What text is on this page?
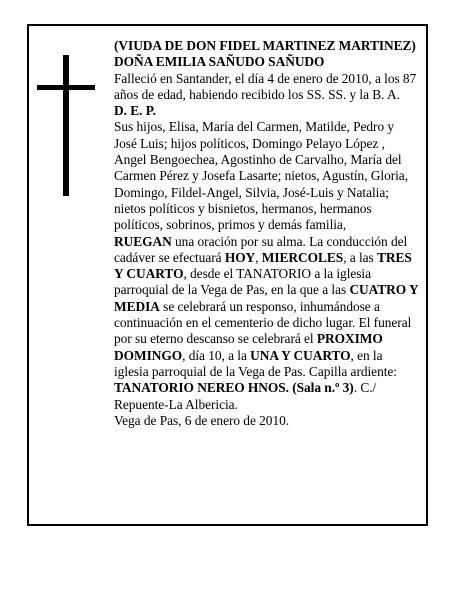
(VIUDA DE DON FIDEL MARTINEZ MARTINEZ)

DOÑA EMILIA SAÑUDO SAÑUDO

Falleció en Santander, el día 4 de enero de 2010, a los 87 años de edad, habiendo recibido los SS. SS. y la B. A.

D. E. P.

Sus hijos, Elisa, María del Carmen, Matilde, Pedro y José Luis; hijos políticos, Domingo Pelayo López , Angel Bengoechea, Agostinho de Carvalho, María del Carmen Pérez y Josefa Lasarte; nietos, Agustín, Gloria, Domingo, Fildel-Angel, Silvia, José-Luis y Natalia; nietos políticos y bisnietos, hermanos, hermanos políticos, sobrinos, primos y demás familia,

RUEGAN una oración por su alma. La conducción del cadáver se efectuará HOY, MIERCOLES, a las TRES Y CUARTO, desde el TANATORIO a la iglesia parroquial de la Vega de Pas, en la que a las CUATRO Y MEDIA se celebrará un responso, inhumándose a continuación en el cementerio de dicho lugar. El funeral por su eterno descanso se celebrará el PROXIMO DOMINGO, día 10, a la UNA Y CUARTO, en la iglesia parroquial de la Vega de Pas. Capilla ardiente: TANATORIO NEREO HNOS. (Sala n.º 3). C./ Repuente-La Albericia.

Vega de Pas, 6 de enero de 2010.
